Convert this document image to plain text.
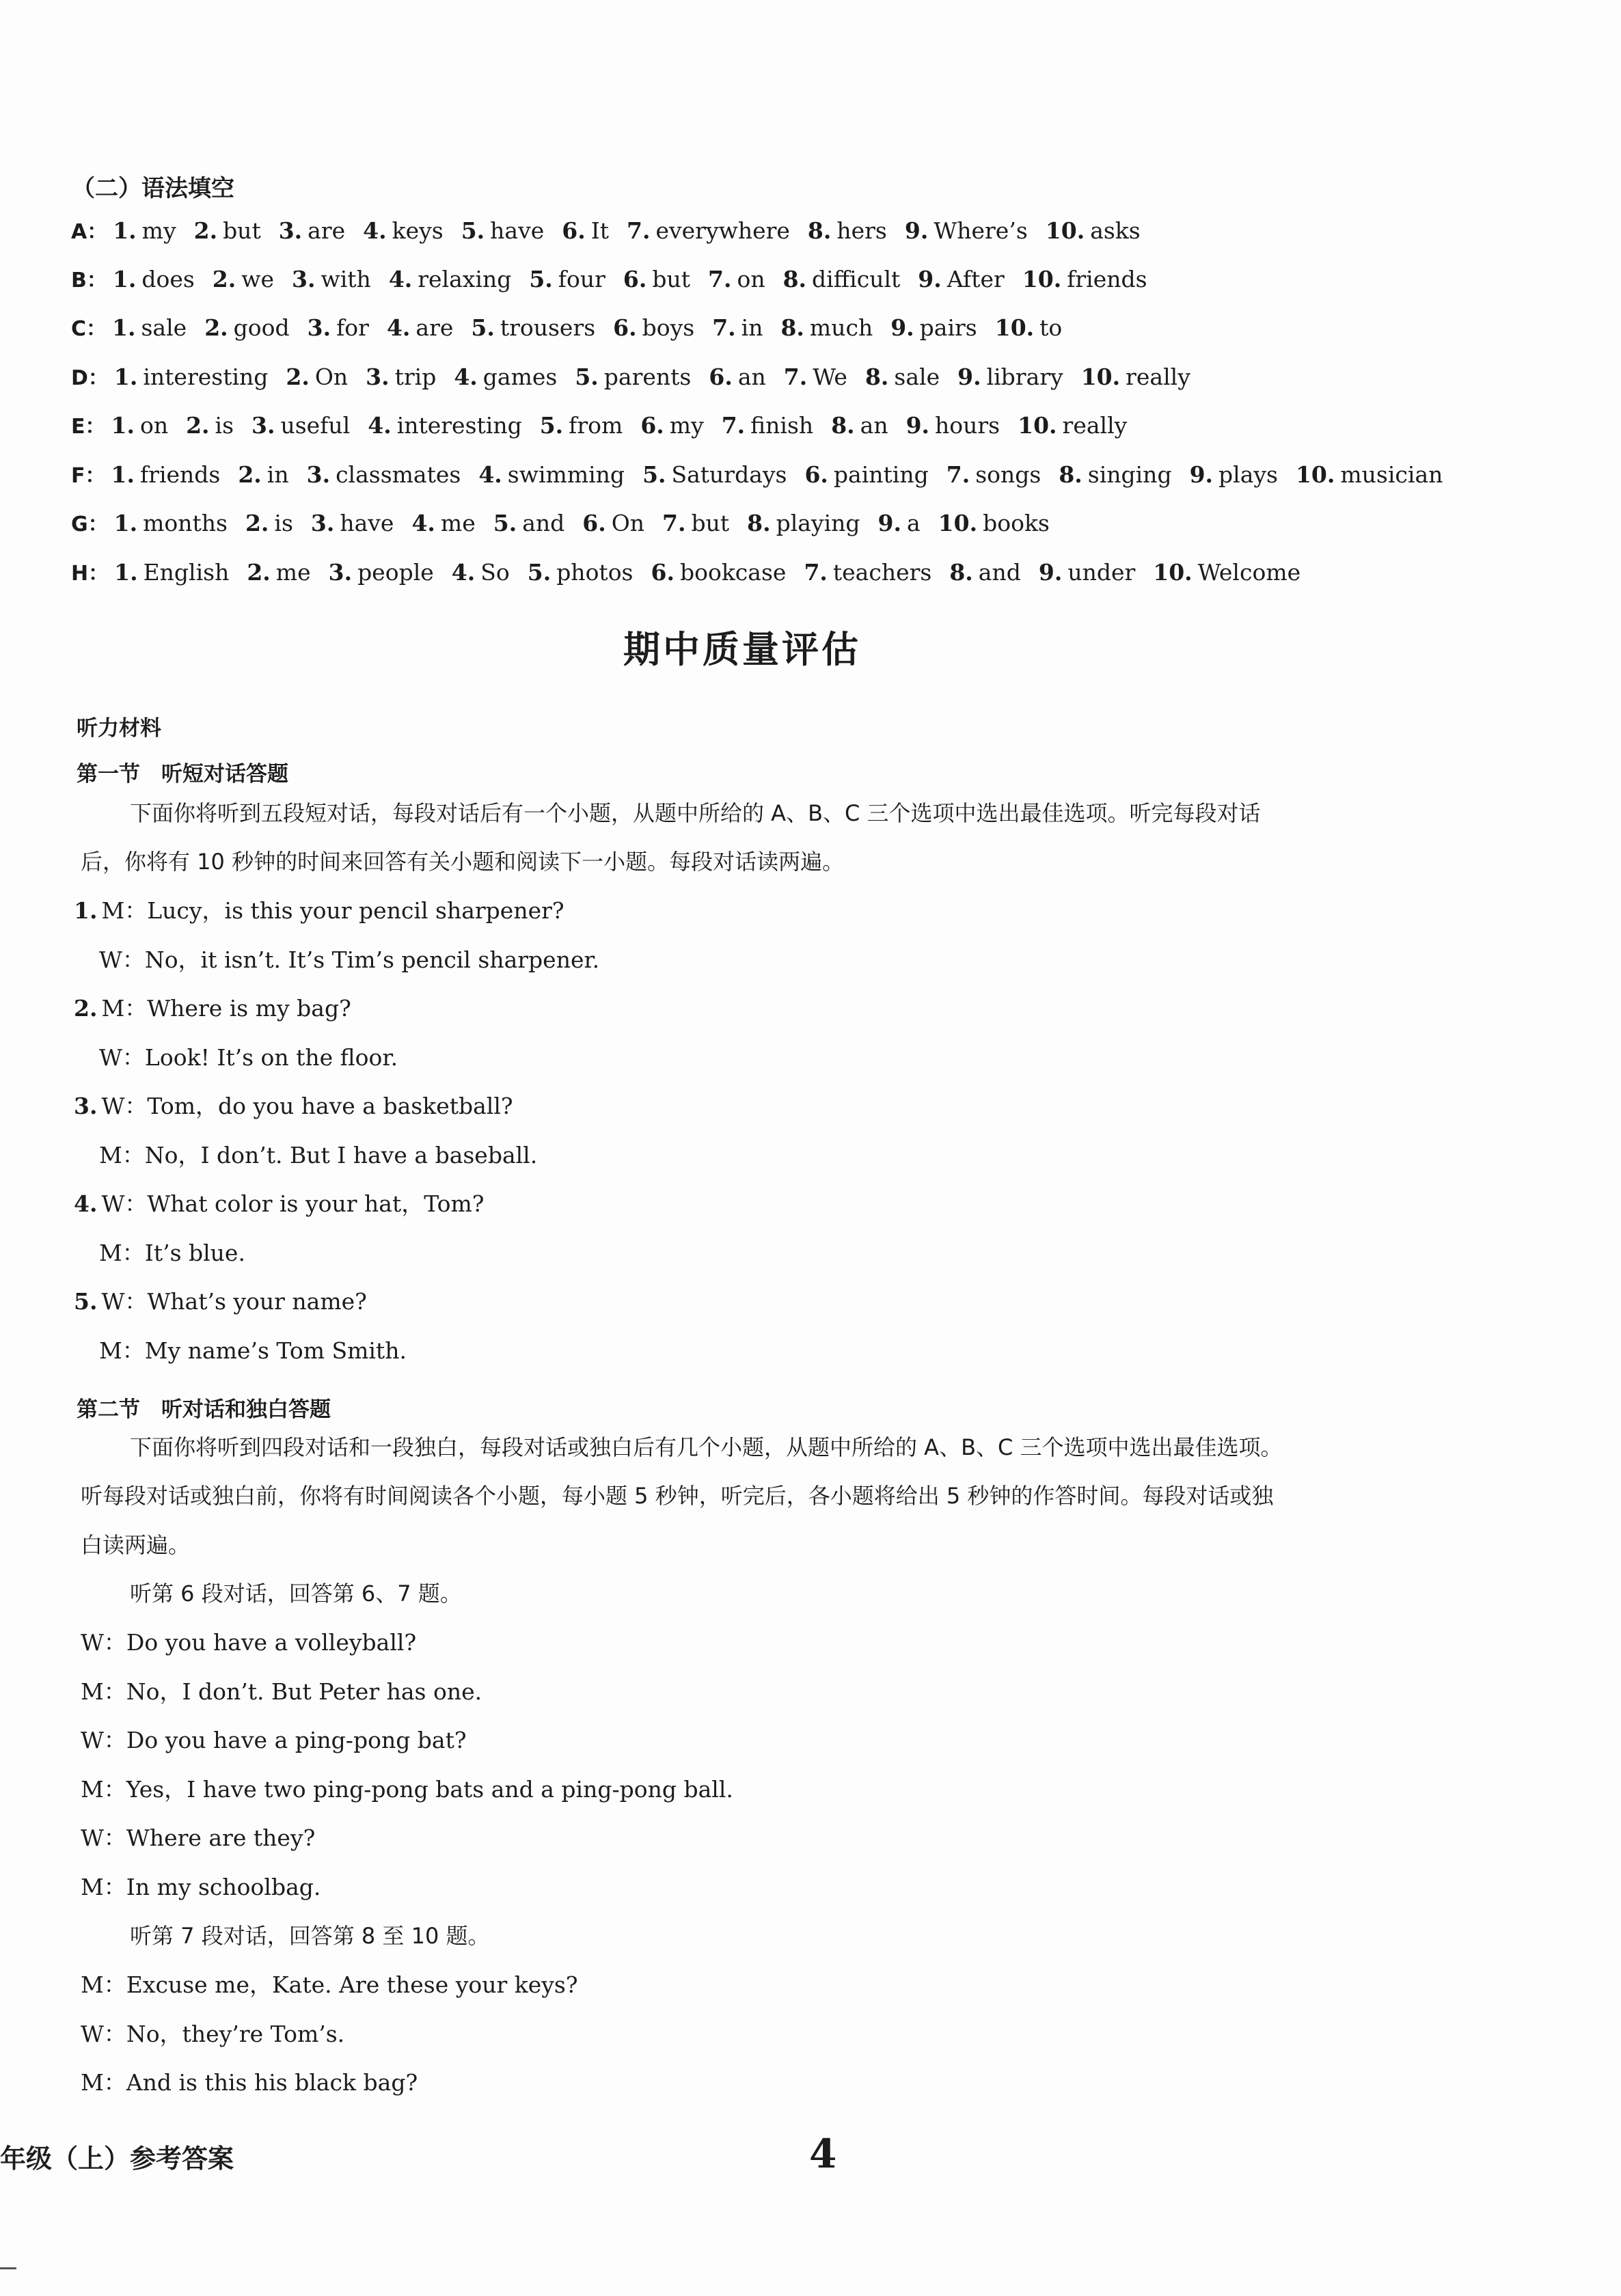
（二）语法填空
A： 1. my 2. but 3. are 4. keys 5. have 6. It 7. everywhere 8. hers 9. Where’s 10. asks
B： 1. does 2. we 3. with 4. relaxing 5. four 6. but 7. on 8. difficult 9. After 10. friends
C： 1. sale 2. good 3. for 4. are 5. trousers 6. boys 7. in 8. much 9. pairs 10. to
D： 1. interesting 2. On 3. trip 4. games 5. parents 6. an 7. We 8. sale 9. library 10. really
E： 1. on 2. is 3. useful 4. interesting 5. from 6. my 7. finish 8. an 9. hours 10. really
F： 1. friends 2. in 3. classmates 4. swimming 5. Saturdays 6. painting 7. songs 8. singing 9. plays 10. musician
G： 1. months 2. is 3. have 4. me 5. and 6. On 7. but 8. playing 9. a 10. books
H： 1. English 2. me 3. people 4. So 5. photos 6. bookcase 7. teachers 8. and 9. under 10. Welcome
期中质量评估
听力材料
第一节　听短对话答题
下面你将听到五段短对话，每段对话后有一个小题，从题中所给的 A、B、C 三个选项中选出最佳选项。听完每段对话
后，你将有 10 秒钟的时间来回答有关小题和阅读下一小题。每段对话读两遍。
1. M：Lucy，is this your pencil sharpener?
W：No，it isn’t. It’s Tim’s pencil sharpener.
2. M：Where is my bag?
W：Look! It’s on the floor.
3. W：Tom，do you have a basketball?
M：No，I don’t. But I have a baseball.
4. W：What color is your hat，Tom?
M：It’s blue.
5. W：What’s your name?
M：My name’s Tom Smith.
第二节　听对话和独白答题
下面你将听到四段对话和一段独白，每段对话或独白后有几个小题，从题中所给的 A、B、C 三个选项中选出最佳选项。
听每段对话或独白前，你将有时间阅读各个小题，每小题 5 秒钟，听完后，各小题将给出 5 秒钟的作答时间。每段对话或独
白读两遍。
听第 6 段对话，回答第 6、7 题。
W：Do you have a volleyball?
M：No，I don’t. But Peter has one.
W：Do you have a ping-pong bat?
M：Yes，I have two ping-pong bats and a ping-pong ball.
W：Where are they?
M：In my schoolbag.
听第 7 段对话，回答第 8 至 10 题。
M：Excuse me，Kate. Are these your keys?
W：No，they’re Tom’s.
M：And is this his black bag?
年级（上）参考答案	4
